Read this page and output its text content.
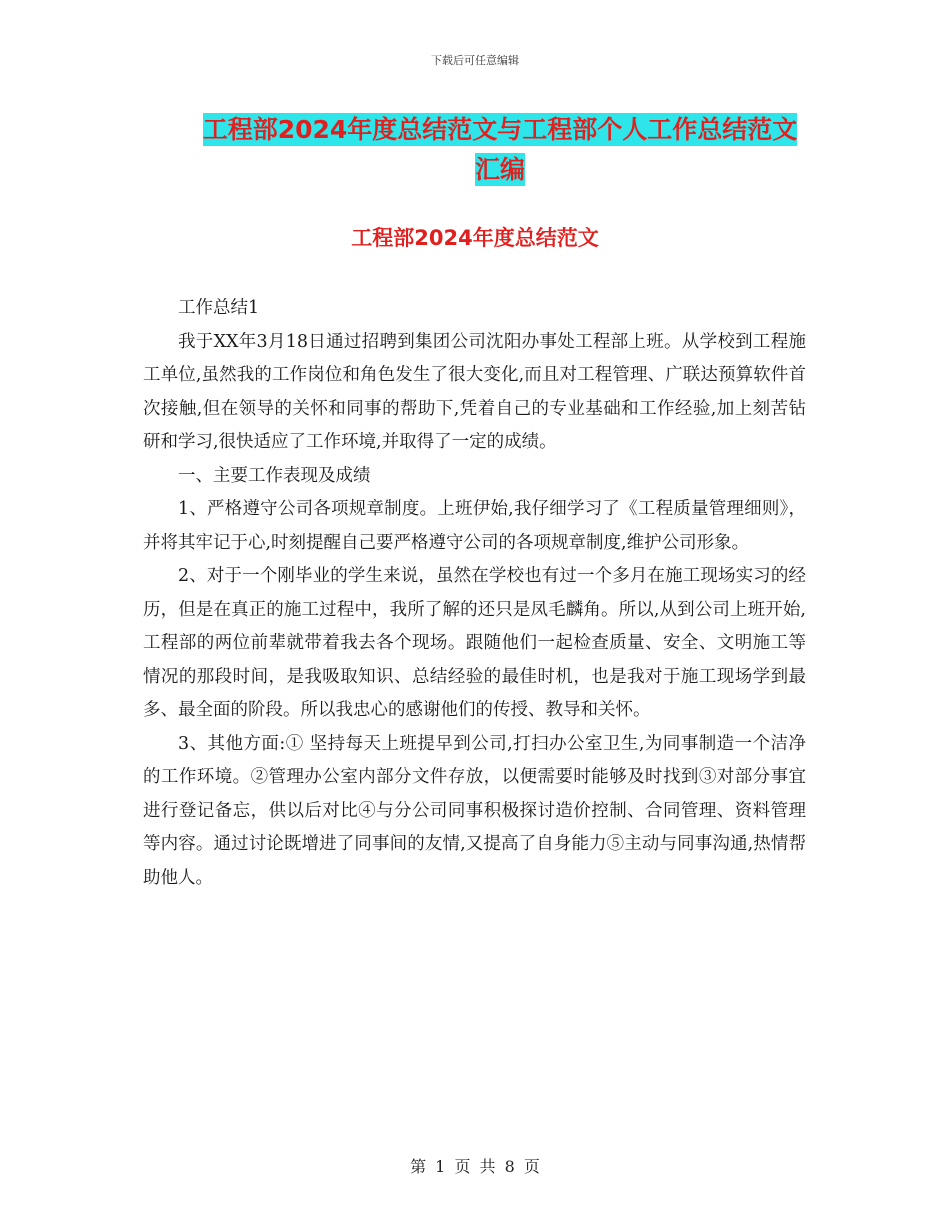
下载后可任意编辑
工程部2024年度总结范文与工程部个人工作总结范文
汇编
工程部2024年度总结范文

工作总结1

我于XX年3月18日通过招聘到集团公司沈阳办事处工程部上班。从学校到工程施工单位,虽然我的工作岗位和角色发生了很大变化,而且对工程管理、广联达预算软件首次接触,但在领导的关怀和同事的帮助下,凭着自己的专业基础和工作经验,加上刻苦钻研和学习,很快适应了工作环境,并取得了一定的成绩。

一、主要工作表现及成绩

1、严格遵守公司各项规章制度。上班伊始,我仔细学习了《工程质量管理细则》，并将其牢记于心,时刻提醒自己要严格遵守公司的各项规章制度,维护公司形象。

2、对于一个刚毕业的学生来说，虽然在学校也有过一个多月在施工现场实习的经历，但是在真正的施工过程中，我所了解的还只是凤毛麟角。所以,从到公司上班开始,工程部的两位前辈就带着我去各个现场。跟随他们一起检查质量、安全、文明施工等情况的那段时间，是我吸取知识、总结经验的最佳时机，也是我对于施工现场学到最多、最全面的阶段。所以我忠心的感谢他们的传授、教导和关怀。

3、其他方面:① 坚持每天上班提早到公司,打扫办公室卫生,为同事制造一个洁净的工作环境。②管理办公室内部分文件存放，以便需要时能够及时找到③对部分事宜进行登记备忘，供以后对比④与分公司同事积极探讨造价控制、合同管理、资料管理等内容。通过讨论既增进了同事间的友情,又提高了自身能力⑤主动与同事沟通,热情帮助他人。

第 1 页 共 8 页
